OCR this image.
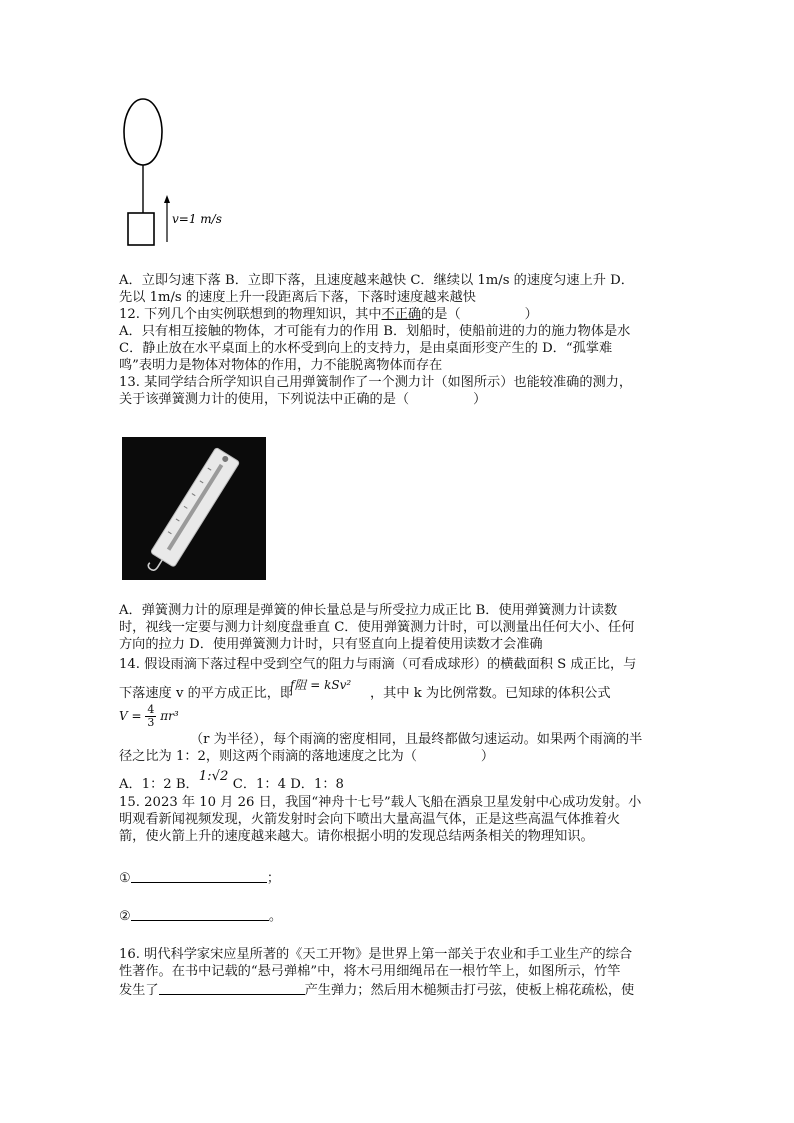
v=1 m/s
A．立即匀速下落 B．立即下落，且速度越来越快 C．继续以 1m/s 的速度匀速上升 D．
先以 1m/s 的速度上升一段距离后下落，下落时速度越来越快
12. 下列几个由实例联想到的物理知识，其中不正确的是（	）
A．只有相互接触的物体，才可能有力的作用 B．划船时，使船前进的力的施力物体是水
C．静止放在水平桌面上的水杯受到向上的支持力，是由桌面形变产生的 D．“孤掌难
鸣”表明力是物体对物体的作用，力不能脱离物体而存在
13. 某同学结合所学知识自己用弹簧制作了一个测力计（如图所示）也能较准确的测力，
关于该弹簧测力计的使用，下列说法中正确的是（	）
A．弹簧测力计的原理是弹簧的伸长量总是与所受拉力成正比 B．使用弹簧测力计读数
时，视线一定要与测力计刻度盘垂直 C．使用弹簧测力计时，可以测量出任何大小、任何
方向的拉力 D．使用弹簧测力计时，只有竖直向上提着使用读数才会准确
14. 假设雨滴下落过程中受到空气的阻力与雨滴（可看成球形）的横截面积 S 成正比，与
下落速度 v 的平方成正比，即
f阻 = kSv²
，其中 k 为比例常数。已知球的体积公式
$V = \frac{4}{3} \pi r^3$
（r 为半径），每个雨滴的密度相同，且最终都做匀速运动。如果两个雨滴的半
径之比为 1：2，则这两个雨滴的落地速度之比为（	）
A．1：2 B．1:√2C．1：4 D．1：8
15. 2023 年 10 月 26 日，我国“神舟十七号”载人飞船在酒泉卫星发射中心成功发射。小
明观看新闻视频发现，火箭发射时会向下喷出大量高温气体，正是这些高温气体推着火
箭，使火箭上升的速度越来越大。请你根据小明的发现总结两条相关的物理知识。
①	；
②	。
16. 明代科学家宋应星所著的《天工开物》是世界上第一部关于农业和手工业生产的综合
性著作。在书中记载的“悬弓弹棉”中，将木弓用细绳吊在一根竹竿上，如图所示，竹竿
发生了	产生弹力；然后用木槌频击打弓弦，使板上棉花疏松，使
